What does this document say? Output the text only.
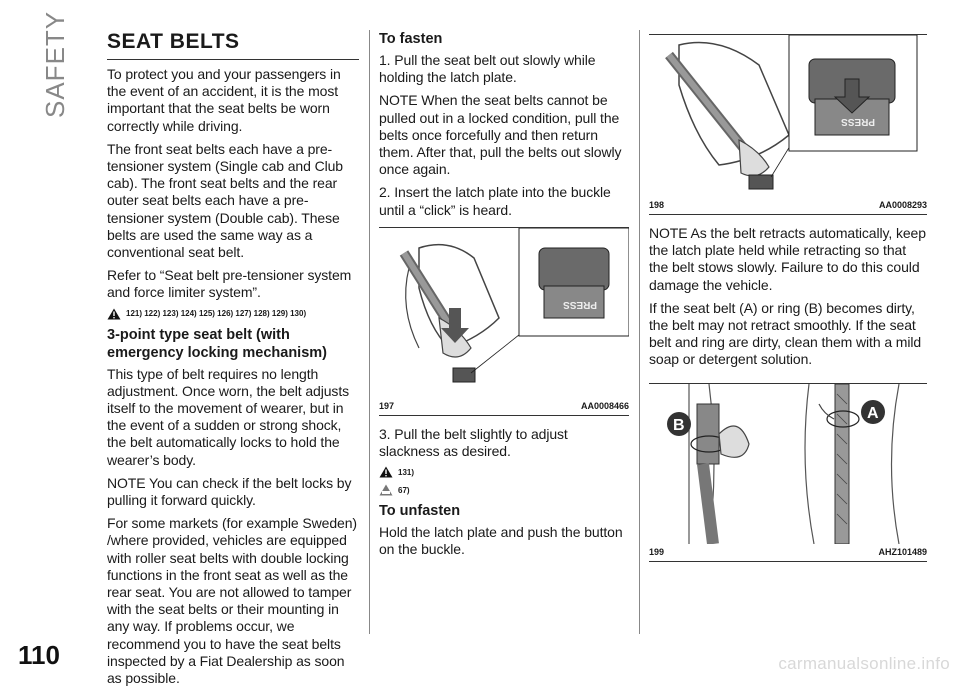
SAFETY
110
SEAT BELTS

To protect you and your passengers in the event of an accident, it is the most important that the seat belts be worn correctly while driving.

The front seat belts each have a pre-tensioner system (Single cab and Club cab). The front seat belts and the rear outer seat belts each have a pre-tensioner system (Double cab). These belts are used the same way as a conventional seat belt.

Refer to “Seat belt pre-tensioner system and force limiter system”.

121) 122) 123) 124) 125) 126) 127) 128) 129) 130)
3-point type seat belt (with emergency locking mechanism)

This type of belt requires no length adjustment. Once worn, the belt adjusts itself to the movement of wearer, but in the event of a sudden or strong shock, the belt automatically locks to hold the wearer’s body.

NOTE You can check if the belt locks by pulling it forward quickly.

For some markets (for example Sweden) /where provided, vehicles are equipped with roller seat belts with double locking functions in the front seat as well as the rear seat. You are not allowed to tamper with the seat belts or their mounting in any way. If problems occur, we recommend you to have the seat belts inspected by a Fiat Dealership as soon as possible.

To fasten

1. Pull the seat belt out slowly while holding the latch plate.

NOTE When the seat belts cannot be pulled out in a locked condition, pull the belts once forcefully and then return them. After that, pull the belts out slowly once again.

2. Insert the latch plate into the buckle until a “click” is heard.

PRESS
197	AA0008466

3. Pull the belt slightly to adjust slackness as desired.

131)
67)
To unfasten

Hold the latch plate and push the button on the buckle.

PRESS
198	AA0008293

NOTE As the belt retracts automatically, keep the latch plate held while retracting so that the belt stows slowly. Failure to do this could damage the vehicle.

If the seat belt (A) or ring (B) becomes dirty, the belt may not retract smoothly. If the seat belt and ring are dirty, clean them with a mild soap or detergent solution.

B
A
199	AHZ101489
carmanualsonline.info
